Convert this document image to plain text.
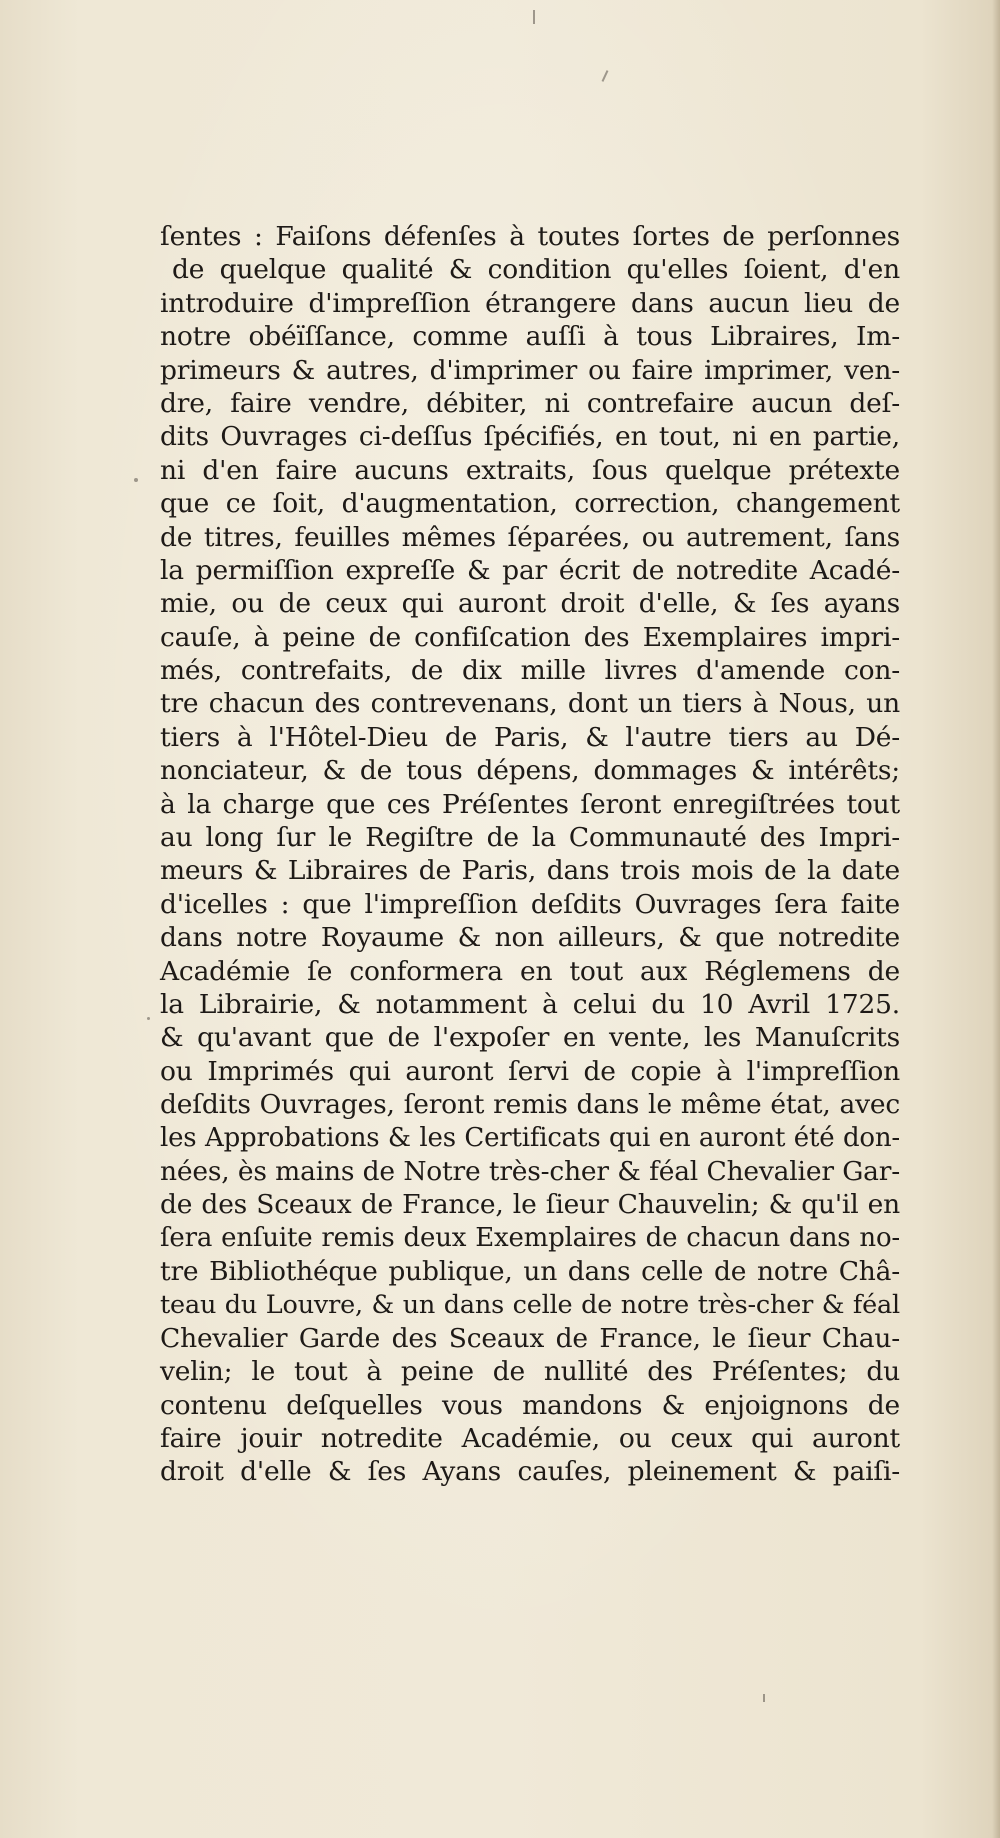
ſentes : Faiſons défenſes à toutes ſortes de perſonnes
de quelque qualité & condition qu'elles ſoient, d'en
introduire d'impreſſion étrangere dans aucun lieu de
notre obéïſſance, comme auſſi à tous Libraires, Im-
primeurs & autres, d'imprimer ou faire imprimer, ven-
dre, faire vendre, débiter, ni contrefaire aucun deſ-
dits Ouvrages ci-deſſus ſpécifiés, en tout, ni en partie,
ni d'en faire aucuns extraits, ſous quelque prétexte
que ce ſoit, d'augmentation, correction, changement
de titres, feuilles mêmes ſéparées, ou autrement, ſans
la permiſſion expreſſe & par écrit de notredite Acadé-
mie, ou de ceux qui auront droit d'elle, & ſes ayans
cauſe, à peine de confiſcation des Exemplaires impri-
més, contrefaits, de dix mille livres d'amende con-
tre chacun des contrevenans, dont un tiers à Nous, un
tiers à l'Hôtel-Dieu de Paris, & l'autre tiers au Dé-
nonciateur, & de tous dépens, dommages & intérêts;
à la charge que ces Préſentes ſeront enregiſtrées tout
au long ſur le Regiſtre de la Communauté des Impri-
meurs & Libraires de Paris, dans trois mois de la date
d'icelles : que l'impreſſion deſdits Ouvrages ſera faite
dans notre Royaume & non ailleurs, & que notredite
Académie ſe conformera en tout aux Réglemens de
la Librairie, & notamment à celui du 10 Avril 1725.
& qu'avant que de l'expoſer en vente, les Manuſcrits
ou Imprimés qui auront ſervi de copie à l'impreſſion
deſdits Ouvrages, ſeront remis dans le même état, avec
les Approbations & les Certificats qui en auront été don-
nées, ès mains de Notre très-cher & féal Chevalier Gar-
de des Sceaux de France, le ſieur Chauvelin; & qu'il en
ſera enſuite remis deux Exemplaires de chacun dans no-
tre Bibliothéque publique, un dans celle de notre Châ-
teau du Louvre, & un dans celle de notre très-cher & féal
Chevalier Garde des Sceaux de France, le ſieur Chau-
velin; le tout à peine de nullité des Préſentes; du
contenu deſquelles vous mandons & enjoignons de
faire jouir notredite Académie, ou ceux qui auront
droit d'elle & ſes Ayans cauſes, pleinement & paiſi-
